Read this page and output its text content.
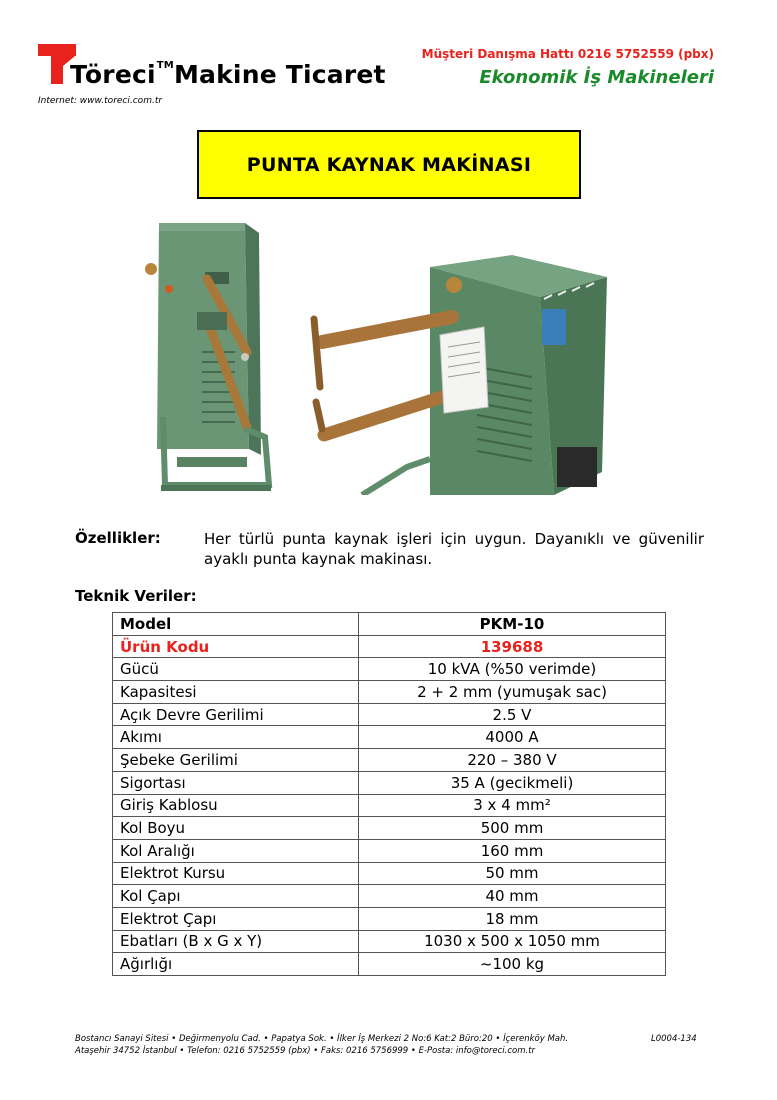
Töreci™Makine Ticaret
Internet: www.toreci.com.tr
Müşteri Danışma Hattı 0216 5752559 (pbx)
Ekonomik İş Makineleri
PUNTA KAYNAK MAKİNASI
Özellikler:	Her türlü punta kaynak işleri için uygun. Dayanıklı ve güvenilir ayaklı punta kaynak makinası.
Teknik Veriler:
Model	PKM-10
Ürün Kodu	139688
Gücü	10 kVA (%50 verimde)
Kapasitesi	2 + 2 mm (yumuşak sac)
Açık Devre Gerilimi	2.5 V
Akımı	4000 A
Şebeke Gerilimi	220 – 380 V
Sigortası	35 A (gecikmeli)
Giriş Kablosu	3 x 4 mm²
Kol Boyu	500 mm
Kol Aralığı	160 mm
Elektrot Kursu	50 mm
Kol Çapı	40 mm
Elektrot Çapı	18 mm
Ebatları (B x G x Y)	1030 x 500 x 1050 mm
Ağırlığı	~100 kg
Bostancı Sanayi Sitesi • Değirmenyolu Cad. • Papatya Sok. • İlker İş Merkezi 2 No:6 Kat:2 Büro:20 • İçerenköy Mah.
Ataşehir 34752 İstanbul • Telefon: 0216 5752559 (pbx) • Faks: 0216 5756999 • E-Posta: info@toreci.com.tr
L0004-134
